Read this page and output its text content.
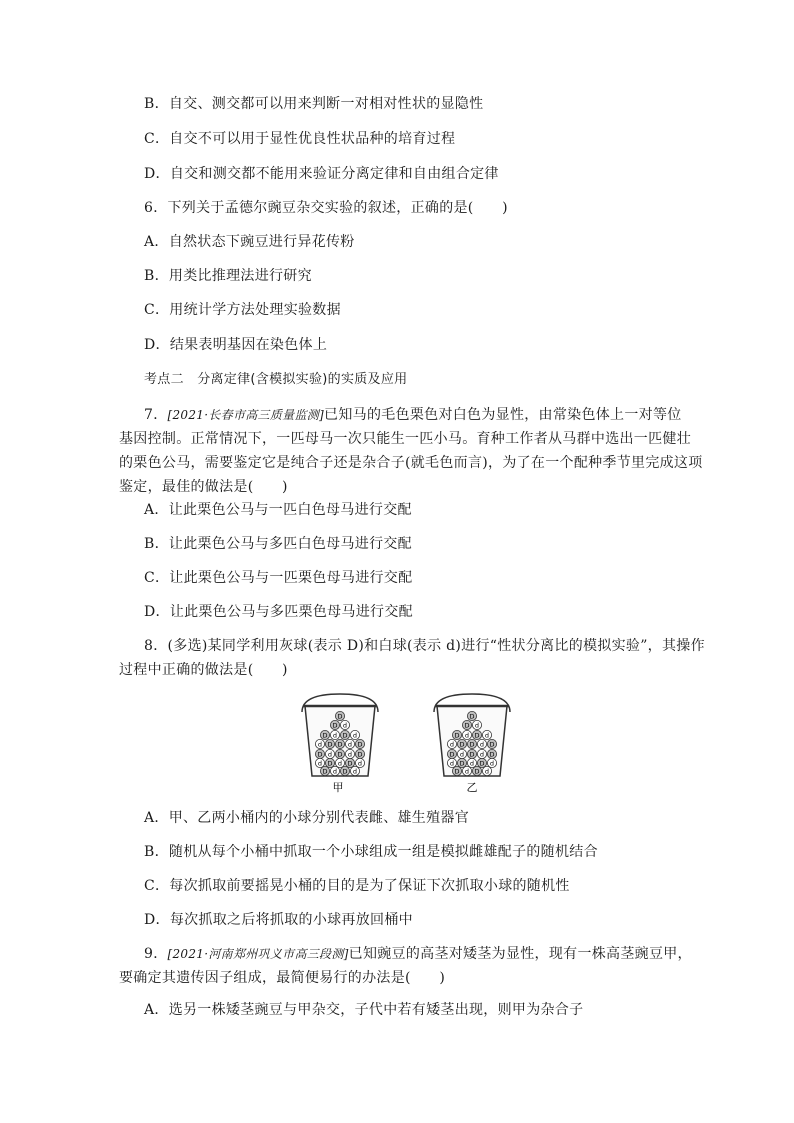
B．自交、测交都可以用来判断一对相对性状的显隐性
C．自交不可以用于显性优良性状品种的培育过程
D．自交和测交都不能用来验证分离定律和自由组合定律
6．下列关于孟德尔豌豆杂交实验的叙述，正确的是(　　)
A．自然状态下豌豆进行异花传粉
B．用类比推理法进行研究
C．用统计学方法处理实验数据
D．结果表明基因在染色体上
考点二　分离定律(含模拟实验)的实质及应用
7．[2021·长春市高三质量监测]已知马的毛色栗色对白色为显性，由常染色体上一对等位
基因控制。正常情况下，一匹母马一次只能生一匹小马。育种工作者从马群中选出一匹健壮
的栗色公马，需要鉴定它是纯合子还是杂合子(就毛色而言)，为了在一个配种季节里完成这项
鉴定，最佳的做法是(　　)
A．让此栗色公马与一匹白色母马进行交配
B．让此栗色公马与多匹白色母马进行交配
C．让此栗色公马与一匹栗色母马进行交配
D．让此栗色公马与多匹栗色母马进行交配
8．(多选)某同学利用灰球(表示 D)和白球(表示 d)进行“性状分离比的模拟实验”，其操作
过程中正确的做法是(　　)
D
D d
D d D d
d D D d D
D d D d D
d D d D d
D d D d
D
D d
D d D d
d D D d D
D d D d D
d D d D d
D d D d
甲	乙
A．甲、乙两小桶内的小球分别代表雌、雄生殖器官
B．随机从每个小桶中抓取一个小球组成一组是模拟雌雄配子的随机结合
C．每次抓取前要摇晃小桶的目的是为了保证下次抓取小球的随机性
D．每次抓取之后将抓取的小球再放回桶中
9．[2021·河南郑州巩义市高三段测]已知豌豆的高茎对矮茎为显性，现有一株高茎豌豆甲，
要确定其遗传因子组成，最简便易行的办法是(　　)
A．选另一株矮茎豌豆与甲杂交，子代中若有矮茎出现，则甲为杂合子
